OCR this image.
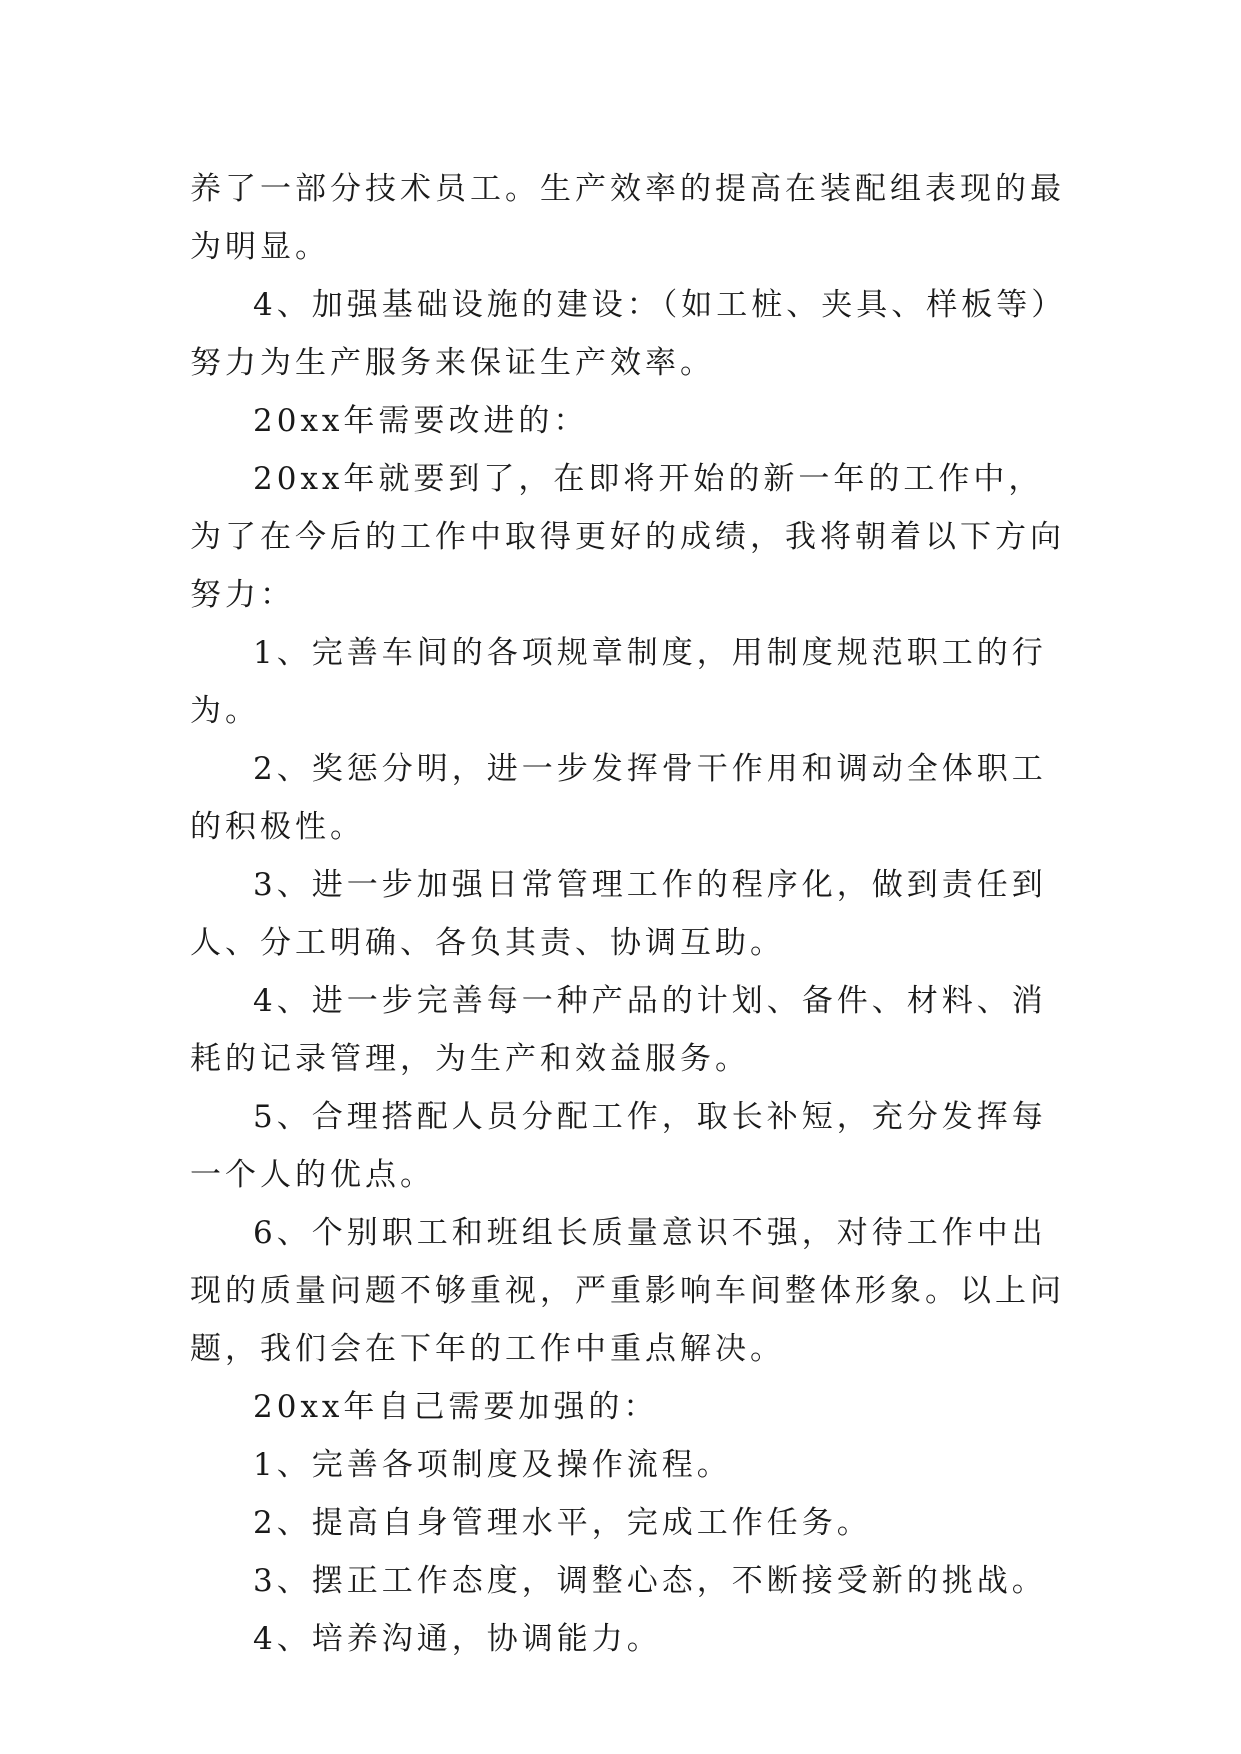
养了一部分技术员工。生产效率的提高在装配组表现的最为明显。

4、加强基础设施的建设：（如工桩、夹具、样板等）努力为生产服务来保证生产效率。

20xx年需要改进的：

20xx年就要到了，在即将开始的新一年的工作中，为了在今后的工作中取得更好的成绩，我将朝着以下方向努力：

1、完善车间的各项规章制度，用制度规范职工的行为。

2、奖惩分明，进一步发挥骨干作用和调动全体职工的积极性。

3、进一步加强日常管理工作的程序化，做到责任到人、分工明确、各负其责、协调互助。

4、进一步完善每一种产品的计划、备件、材料、消耗的记录管理，为生产和效益服务。

5、合理搭配人员分配工作，取长补短，充分发挥每一个人的优点。

6、个别职工和班组长质量意识不强，对待工作中出现的质量问题不够重视，严重影响车间整体形象。以上问题，我们会在下年的工作中重点解决。

20xx年自己需要加强的：

1、完善各项制度及操作流程。

2、提高自身管理水平，完成工作任务。

3、摆正工作态度，调整心态，不断接受新的挑战。

4、培养沟通，协调能力。
